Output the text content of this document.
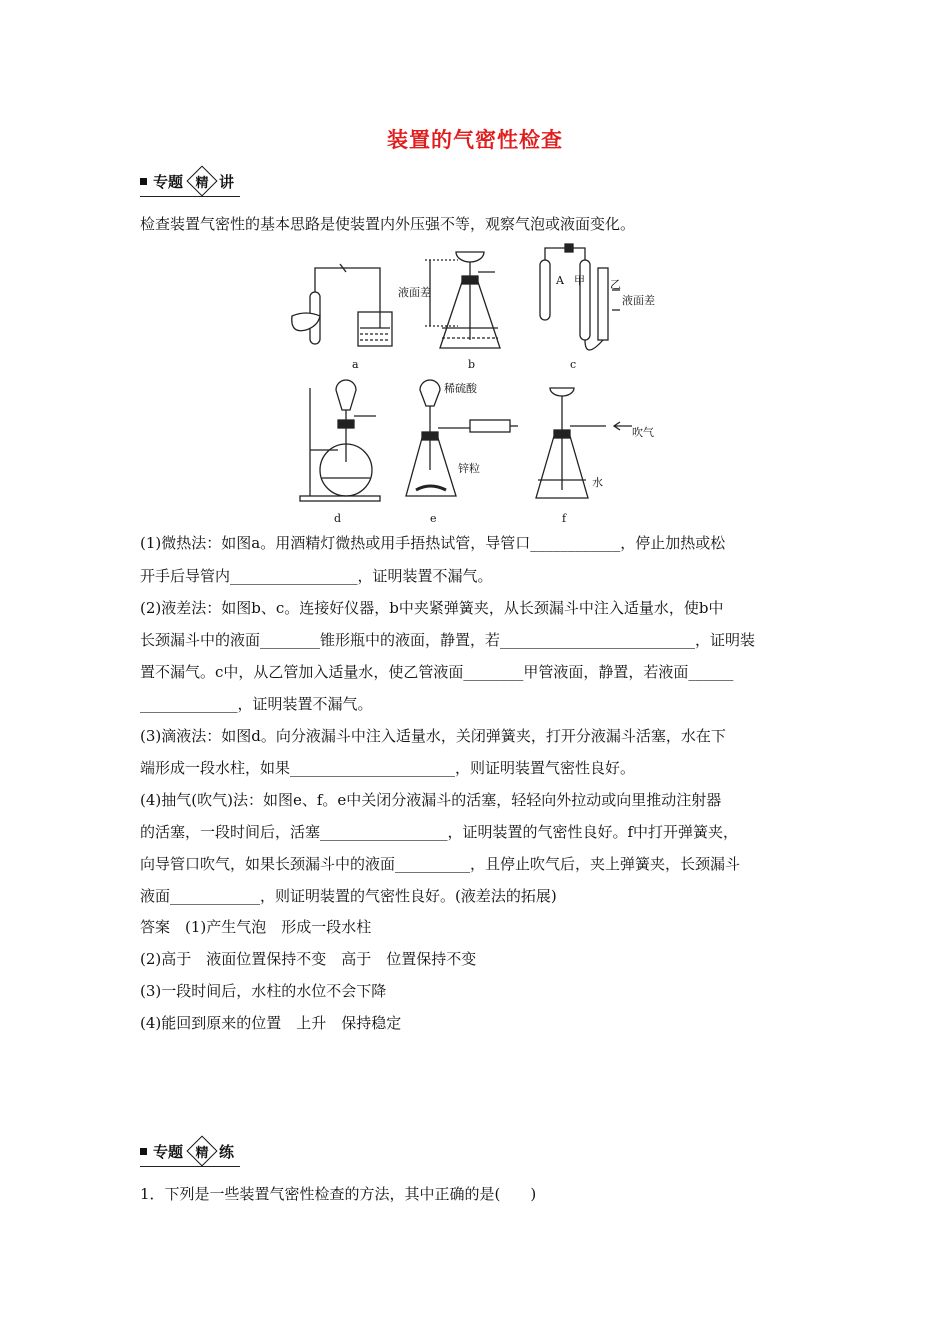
装置的气密性检查
专题 精 讲
检查装置气密性的基本思路是使装置内外压强不等，观察气泡或液面变化。
a	b	c
d	e	f
液面差
A 甲 乙
液面差
稀硫酸
锌粒
吹气
水
(1)微热法：如图a。用酒精灯微热或用手捂热试管，导管口____________，停止加热或松
开手后导管内_________________，证明装置不漏气。
(2)液差法：如图b、c。连接好仪器，b中夹紧弹簧夹，从长颈漏斗中注入适量水，使b中
长颈漏斗中的液面________锥形瓶中的液面，静置，若__________________________，证明装
置不漏气。c中，从乙管加入适量水，使乙管液面________甲管液面，静置，若液面______
_____________，证明装置不漏气。
(3)滴液法：如图d。向分液漏斗中注入适量水，关闭弹簧夹，打开分液漏斗活塞，水在下
端形成一段水柱，如果______________________，则证明装置气密性良好。
(4)抽气(吹气)法：如图e、f。e中关闭分液漏斗的活塞，轻轻向外拉动或向里推动注射器
的活塞，一段时间后，活塞_________________，证明装置的气密性良好。f中打开弹簧夹，
向导管口吹气，如果长颈漏斗中的液面__________，且停止吹气后，夹上弹簧夹，长颈漏斗
液面____________，则证明装置的气密性良好。(液差法的拓展)
答案　(1)产生气泡　形成一段水柱
(2)高于　液面位置保持不变　高于　位置保持不变
(3)一段时间后，水柱的水位不会下降
(4)能回到原来的位置　上升　保持稳定
专题 精 练
1．下列是一些装置气密性检查的方法，其中正确的是(　　)
